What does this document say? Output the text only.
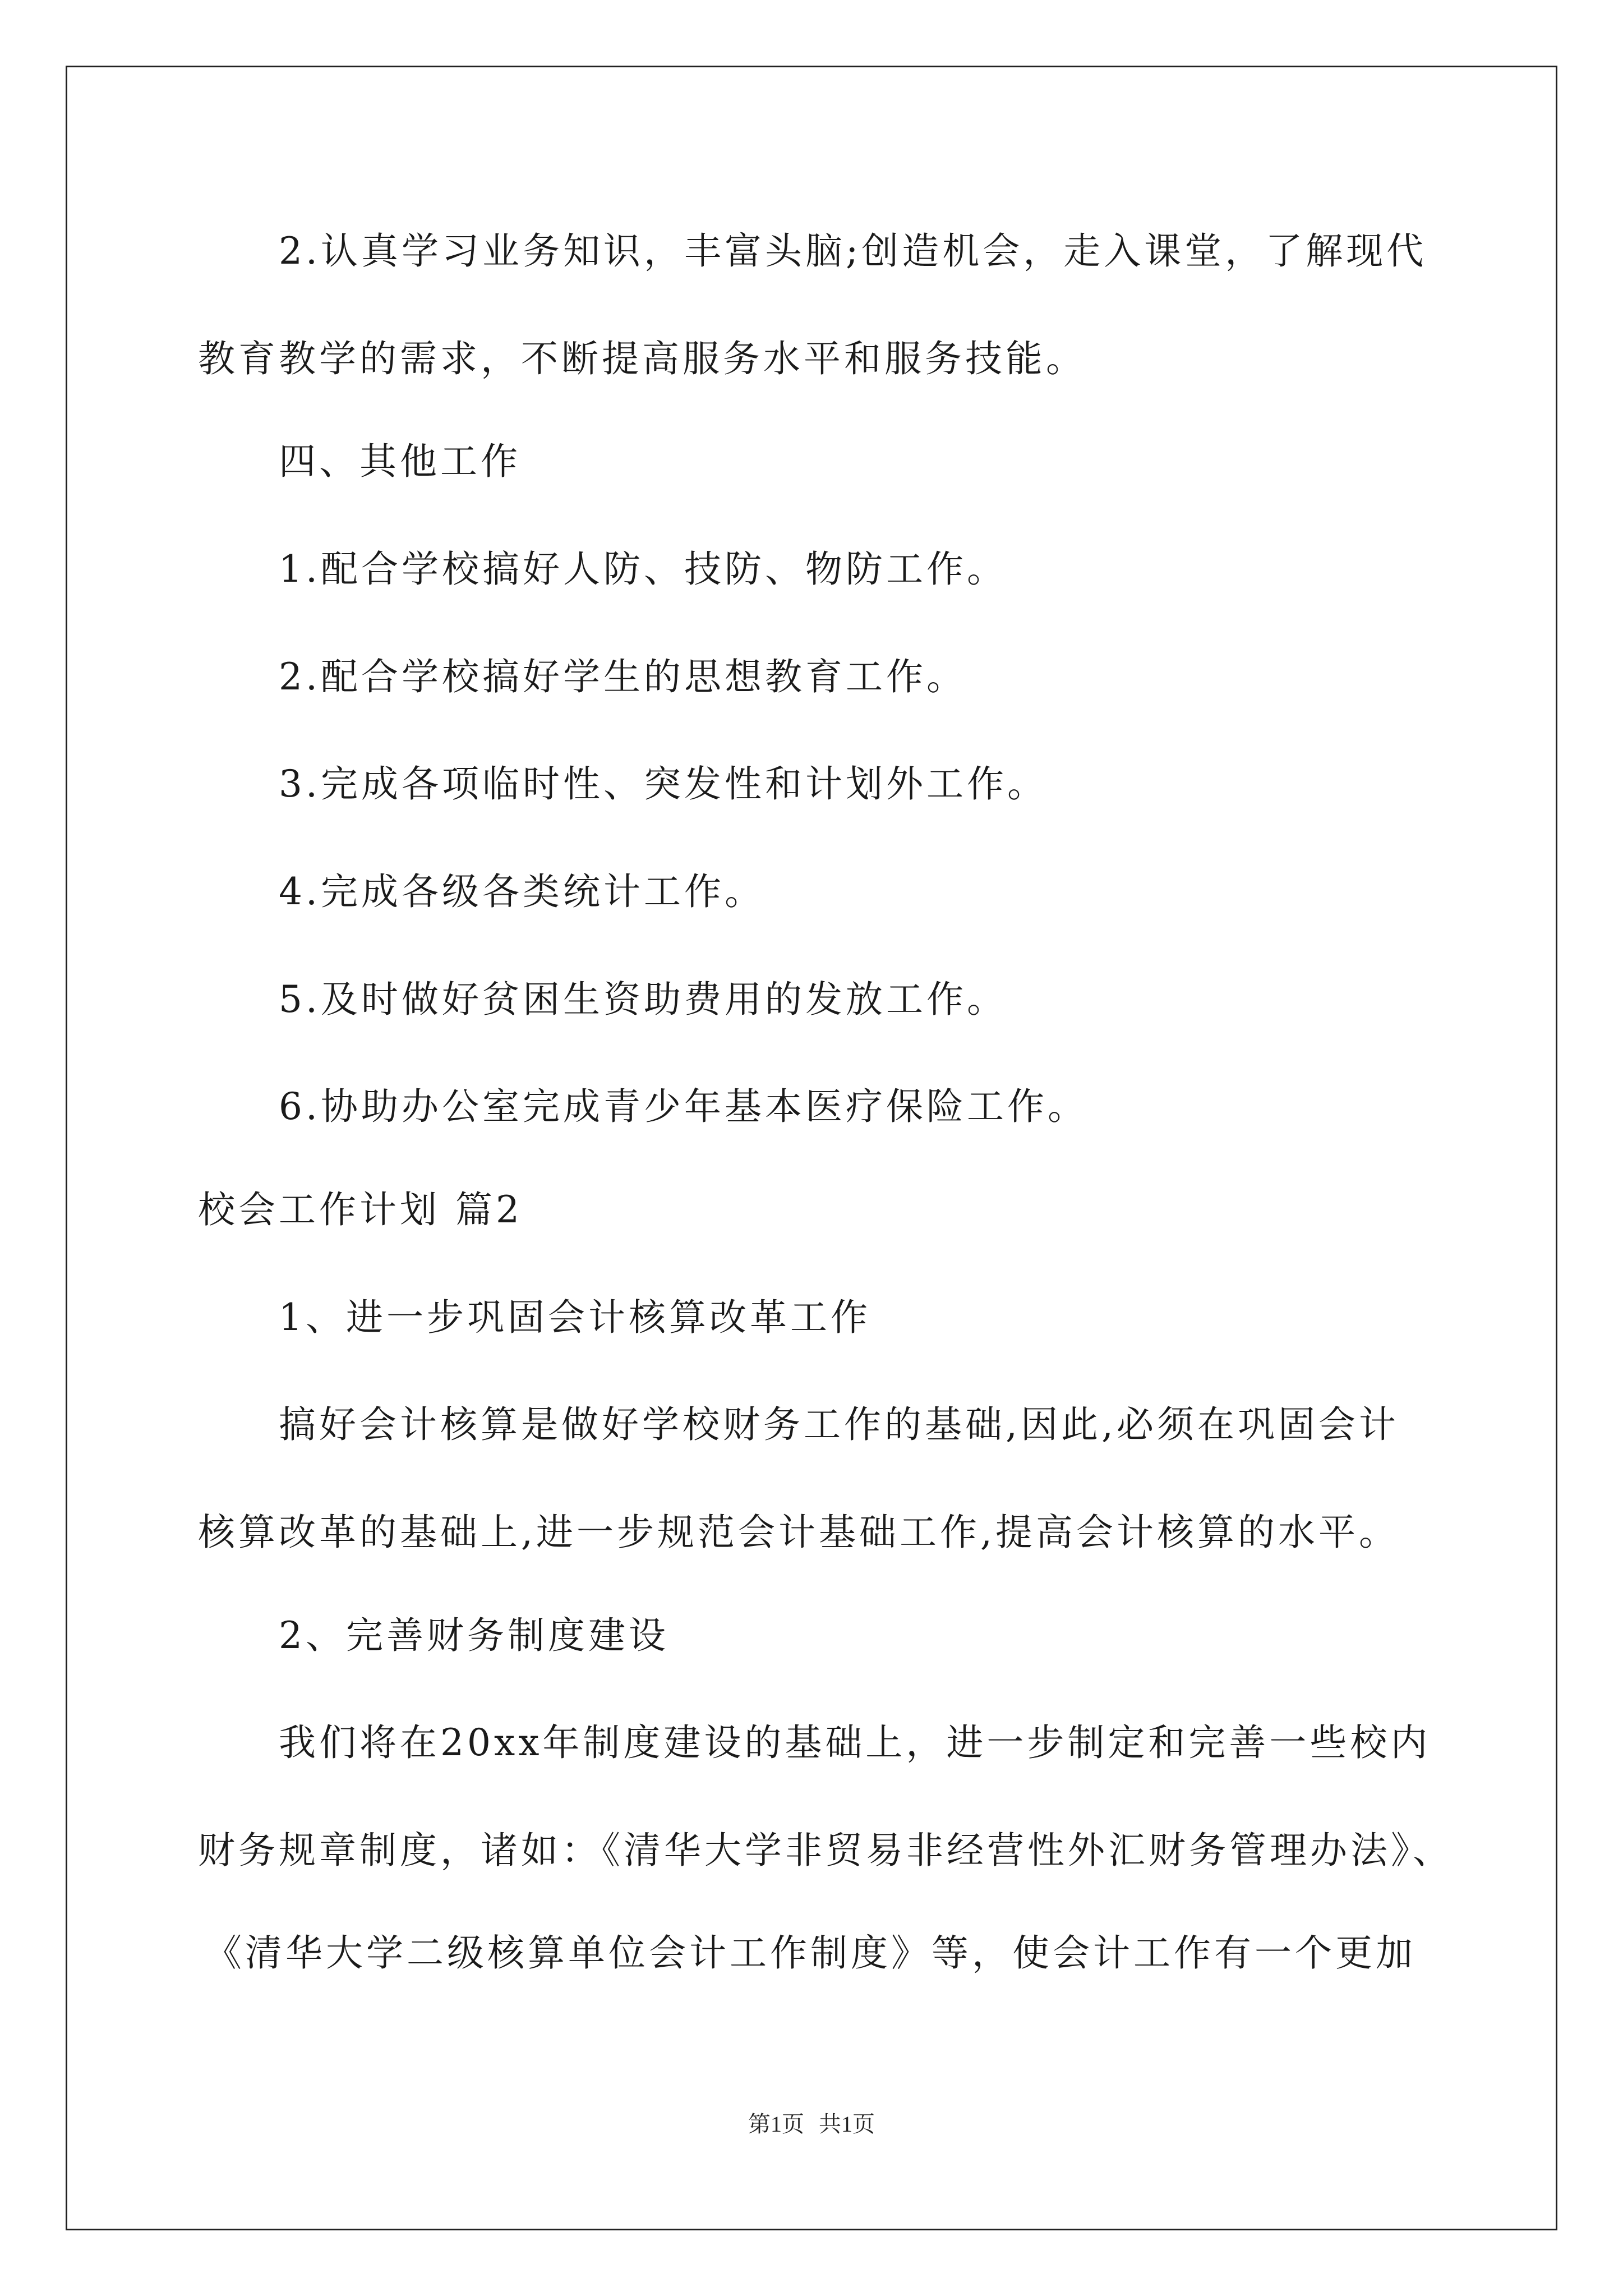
2.认真学习业务知识，丰富头脑;创造机会，走入课堂，了解现代
教育教学的需求，不断提高服务水平和服务技能。
四、其他工作
1.配合学校搞好人防、技防、物防工作。
2.配合学校搞好学生的思想教育工作。
3.完成各项临时性、突发性和计划外工作。
4.完成各级各类统计工作。
5.及时做好贫困生资助费用的发放工作。
6.协助办公室完成青少年基本医疗保险工作。
校会工作计划 篇2
1、进一步巩固会计核算改革工作
搞好会计核算是做好学校财务工作的基础,因此,必须在巩固会计
核算改革的基础上,进一步规范会计基础工作,提高会计核算的水平。
2、完善财务制度建设
我们将在20xx年制度建设的基础上，进一步制定和完善一些校内
财务规章制度，诸如：《清华大学非贸易非经营性外汇财务管理办法》、
《清华大学二级核算单位会计工作制度》等，使会计工作有一个更加
第1页 共1页
